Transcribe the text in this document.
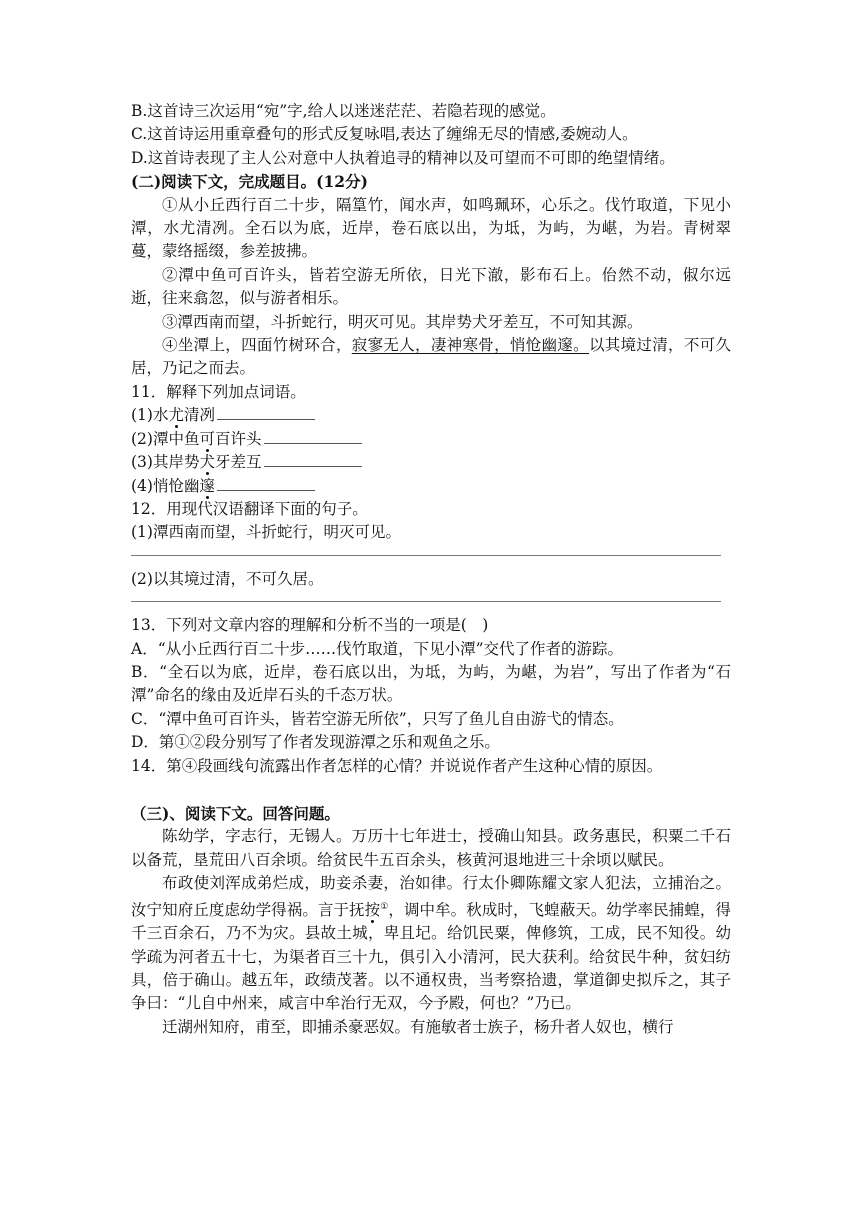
B.这首诗三次运用“宛”字,给人以迷迷茫茫、若隐若现的感觉。
C.这首诗运用重章叠句的形式反复咏唱,表达了缠绵无尽的情感,委婉动人。
D.这首诗表现了主人公对意中人执着追寻的精神以及可望而不可即的绝望情绪。
(二)阅读下文，完成题目。(12分)
①从小丘西行百二十步，隔篁竹，闻水声，如鸣珮环，心乐之。伐竹取道，下见小潭，水尤清冽。全石以为底，近岸，卷石底以出，为坻，为屿，为嵁，为岩。青树翠蔓，蒙络摇缀，参差披拂。
②潭中鱼可百许头，皆若空游无所依，日光下澈，影布石上。佁然不动，俶尔远逝，往来翕忽，似与游者相乐。
③潭西南而望，斗折蛇行，明灭可见。其岸势犬牙差互，不可知其源。
④坐潭上，四面竹树环合，寂寥无人，凄神寒骨，悄怆幽邃。以其境过清，不可久居，乃记之而去。
11．解释下列加点词语。
(1)水尤清冽
(2)潭中鱼可百许头
(3)其岸势犬牙差互
(4)悄怆幽邃
12．用现代汉语翻译下面的句子。
(1)潭西南而望，斗折蛇行，明灭可见。
(2)以其境过清，不可久居。
13．下列对文章内容的理解和分析不当的一项是(　)
A．“从小丘西行百二十步……伐竹取道，下见小潭”交代了作者的游踪。
B．“全石以为底，近岸，卷石底以出，为坻，为屿，为嵁，为岩”，写出了作者为“石潭”命名的缘由及近岸石头的千态万状。
C．“潭中鱼可百许头，皆若空游无所依”，只写了鱼儿自由游弋的情态。
D．第①②段分别写了作者发现游潭之乐和观鱼之乐。
14．第④段画线句流露出作者怎样的心情？并说说作者产生这种心情的原因。
（三)、阅读下文。回答问题。
陈幼学，字志行，无锡人。万历十七年进士，授确山知县。政务惠民，积粟二千石以备荒，垦荒田八百余顷。给贫民牛五百余头，核黄河退地进三十余顷以赋民。
布政使刘浑成弟烂成，助妾杀妻，治如律。行太仆卿陈耀文家人犯法，立捕治之。汝宁知府丘度虑幼学得祸。言于抚按①，调中牟。秋成时，飞蝗蔽天。幼学率民捕蝗，得千三百余石，乃不为灾。县故土城，卑且圮。给饥民粟，俾修筑，工成，民不知役。幼学疏为河者五十七，为渠者百三十九，俱引入小清河，民大获利。给贫民牛种，贫妇纺具，倍于确山。越五年，政绩茂著。以不通权贵，当考察拾遗，掌道御史拟斥之，其子争曰：“儿自中州来，咸言中牟治行无双，今予殿，何也？”乃已。
迁湖州知府，甫至，即捕杀豪恶奴。有施敏者士族子，杨升者人奴也，横行
